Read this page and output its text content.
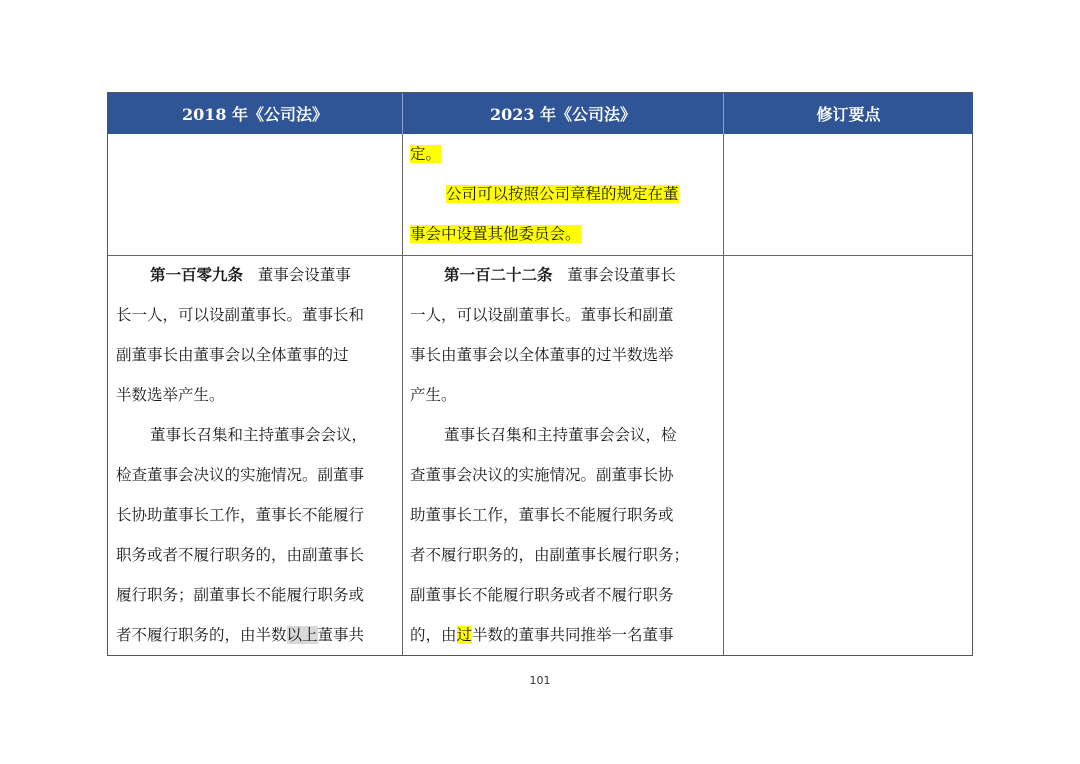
2018 年《公司法》	2023 年《公司法》	修订要点
定。
公司可以按照公司章程的规定在董
事会中设置其他委员会。
第一百零九条 董事会设董事
长一人，可以设副董事长。董事长和
副董事长由董事会以全体董事的过
半数选举产生。
董事长召集和主持董事会会议，
检查董事会决议的实施情况。副董事
长协助董事长工作，董事长不能履行
职务或者不履行职务的，由副董事长
履行职务；副董事长不能履行职务或
者不履行职务的，由半数以上董事共
第一百二十二条 董事会设董事长
一人，可以设副董事长。董事长和副董
事长由董事会以全体董事的过半数选举
产生。
董事长召集和主持董事会会议，检
查董事会决议的实施情况。副董事长协
助董事长工作，董事长不能履行职务或
者不履行职务的，由副董事长履行职务；
副董事长不能履行职务或者不履行职务
的，由过半数的董事共同推举一名董事
101
